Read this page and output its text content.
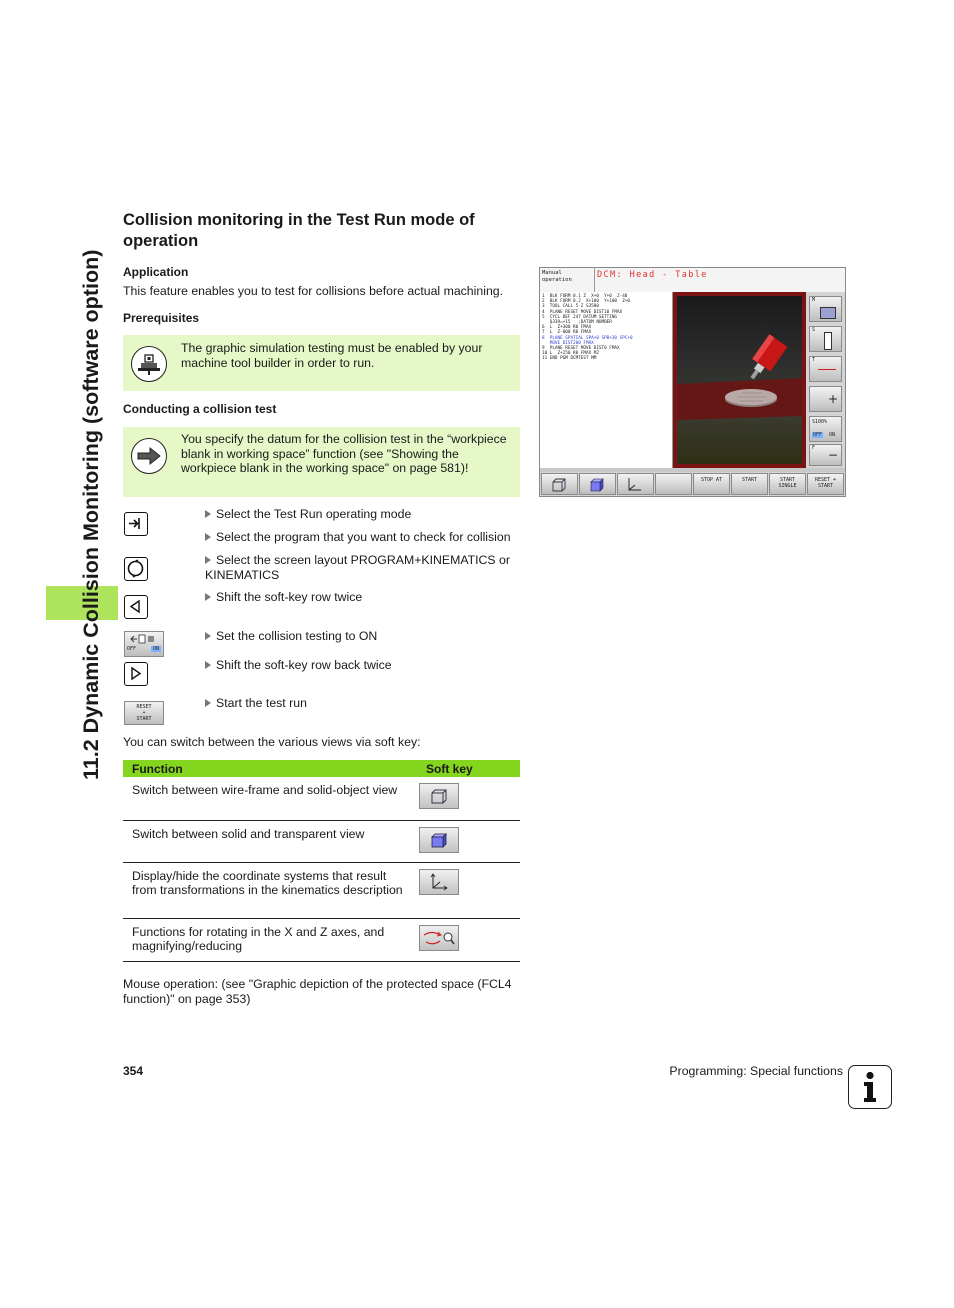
11.2 Dynamic Collision Monitoring (software option)
Collision monitoring in the Test Run mode of operation
Application
This feature enables you to test for collisions before actual machining.
Prerequisites
The graphic simulation testing must be enabled by your machine tool builder in order to run.
Conducting a collision test
You specify the datum for the collision test in the “workpiece blank in working space” function (see "Showing the workpiece blank in the working space" on page 581)!
OFF	ON
RESET
+
START
Select the Test Run operating mode
Select the program that you want to check for collision
Select the screen layout PROGRAM+KINEMATICS or KINEMATICS
Shift the soft-key row twice
Set the collision testing to ON
Shift the soft-key row back twice
Start the test run
You can switch between the various views via soft key:
Function	Soft key
Switch between wire-frame and solid-object view	

Switch between solid and transparent view	

Display/hide the coordinate systems that result from transformations in the kinematics description	

Functions for rotating in the X and Z axes, and magnifying/reducing	
Mouse operation: (see "Graphic depiction of the protected space (FCL4 function)" on page 353)
354	Programming: Special functions
Manual
operation	DCM: Head - Table
1  BLK FORM 0.1 Z  X+0  Y+0  Z-40
2  BLK FORM 0.2  X+100  Y+100  Z+0
3  TOOL CALL 5 Z S3500
4  PLANE RESET MOVE DIST10 FMAX
5  CYCL DEF 247 DATUM SETTING
Q339=+15   ;DATUM NUMBER
6  L  Z+300 R0 FMAX
7  L  Z-000 R0 FMAX
8  PLANE SPATIAL SPA+0 SPB+30 SPC+0
MOVE DIST200 FMAX
9  PLANE RESET MOVE DIST0 FMAX
10 L  Z+250 R0 FMAX M2
11 END PGM DCMTEST MM
M
S
T
+
S100%
OFF ON
F −
STOP AT	START	START SINGLE
RESET + START
